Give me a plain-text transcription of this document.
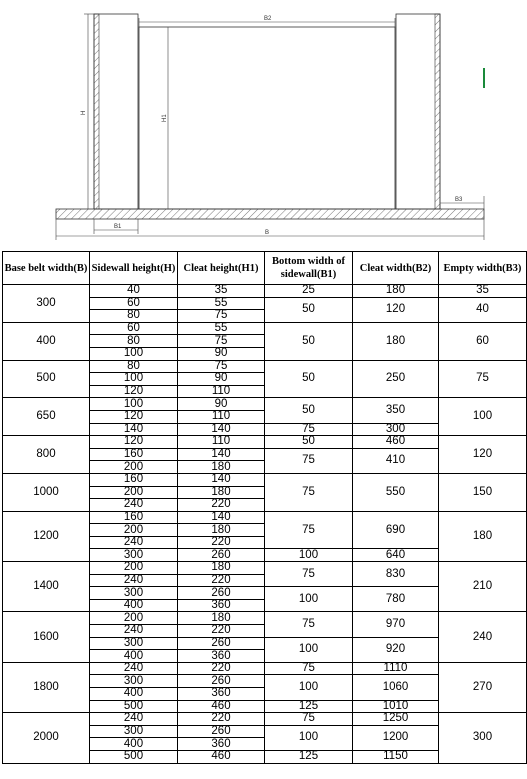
B2
H
H1
B1
B3
B
Base belt width(B)	Sidewall height(H)	Cleat height(H1)	Bottom width of sidewall(B1)	Cleat width(B2)	Empty width(B3)
300	40	35	25	180	35
	60	55	50	120	40
	80	75			
400	60	55	50	180	60
	80	75			
	100	90			
500	80	75	50	250	75
	100	90			
	120	110			
650	100	90	50	350	100
	120	110			
	140	140	75	300	
800	120	110	50	460	120
	160	140	75	410	
	200	180			
1000	160	140	75	550	150
	200	180			
	240	220			
1200	160	140	75	690	180
	200	180			
	240	220			
	300	260	100	640	
1400	200	180	75	830	210
	240	220			
	300	260	100	780	
	400	360			
1600	200	180	75	970	240
	240	220			
	300	260	100	920	
	400	360			
1800	240	220	75	1110	270
	300	260	100	1060	
	400	360			
	500	460	125	1010	
2000	240	220	75	1250	300
	300	260	100	1200	
	400	360			
	500	460	125	1150	
